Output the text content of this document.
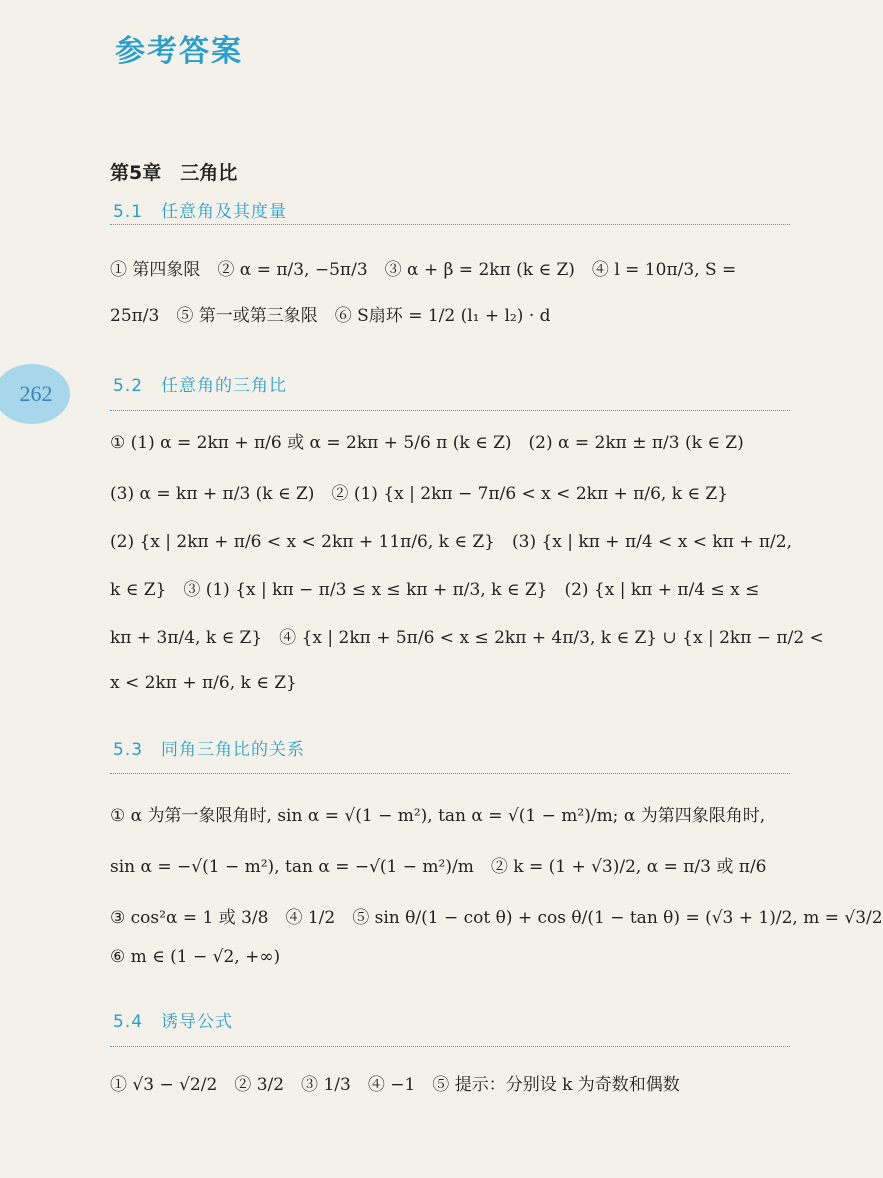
参考答案
262
第5章　三角比
5.1 任意角及其度量
① 第四象限　② α = π/3, −5π/3　③ α + β = 2kπ (k ∈ Z)　④ l = 10π/3, S =
25π/3　⑤ 第一或第三象限　⑥ S扇环 = 1/2 (l₁ + l₂) · d
5.2 任意角的三角比
① (1) α = 2kπ + π/6 或 α = 2kπ + 5/6 π (k ∈ Z)　(2) α = 2kπ ± π/3 (k ∈ Z)
(3) α = kπ + π/3 (k ∈ Z)　② (1) {x | 2kπ − 7π/6 < x < 2kπ + π/6, k ∈ Z}
(2) {x | 2kπ + π/6 < x < 2kπ + 11π/6, k ∈ Z}　(3) {x | kπ + π/4 < x < kπ + π/2,
k ∈ Z}　③ (1) {x | kπ − π/3 ≤ x ≤ kπ + π/3, k ∈ Z}　(2) {x | kπ + π/4 ≤ x ≤
kπ + 3π/4, k ∈ Z}　④ {x | 2kπ + 5π/6 < x ≤ 2kπ + 4π/3, k ∈ Z} ∪ {x | 2kπ − π/2 <
x < 2kπ + π/6, k ∈ Z}
5.3 同角三角比的关系
① α 为第一象限角时, sin α = √(1 − m²), tan α = √(1 − m²)/m; α 为第四象限角时,
sin α = −√(1 − m²), tan α = −√(1 − m²)/m　② k = (1 + √3)/2, α = π/3 或 π/6
③ cos²α = 1 或 3/8　④ 1/2　⑤ sin θ/(1 − cot θ) + cos θ/(1 − tan θ) = (√3 + 1)/2, m = √3/2
⑥ m ∈ (1 − √2, +∞)
5.4 诱导公式
① √3 − √2/2　② 3/2　③ 1/3　④ −1　⑤ 提示：分别设 k 为奇数和偶数
